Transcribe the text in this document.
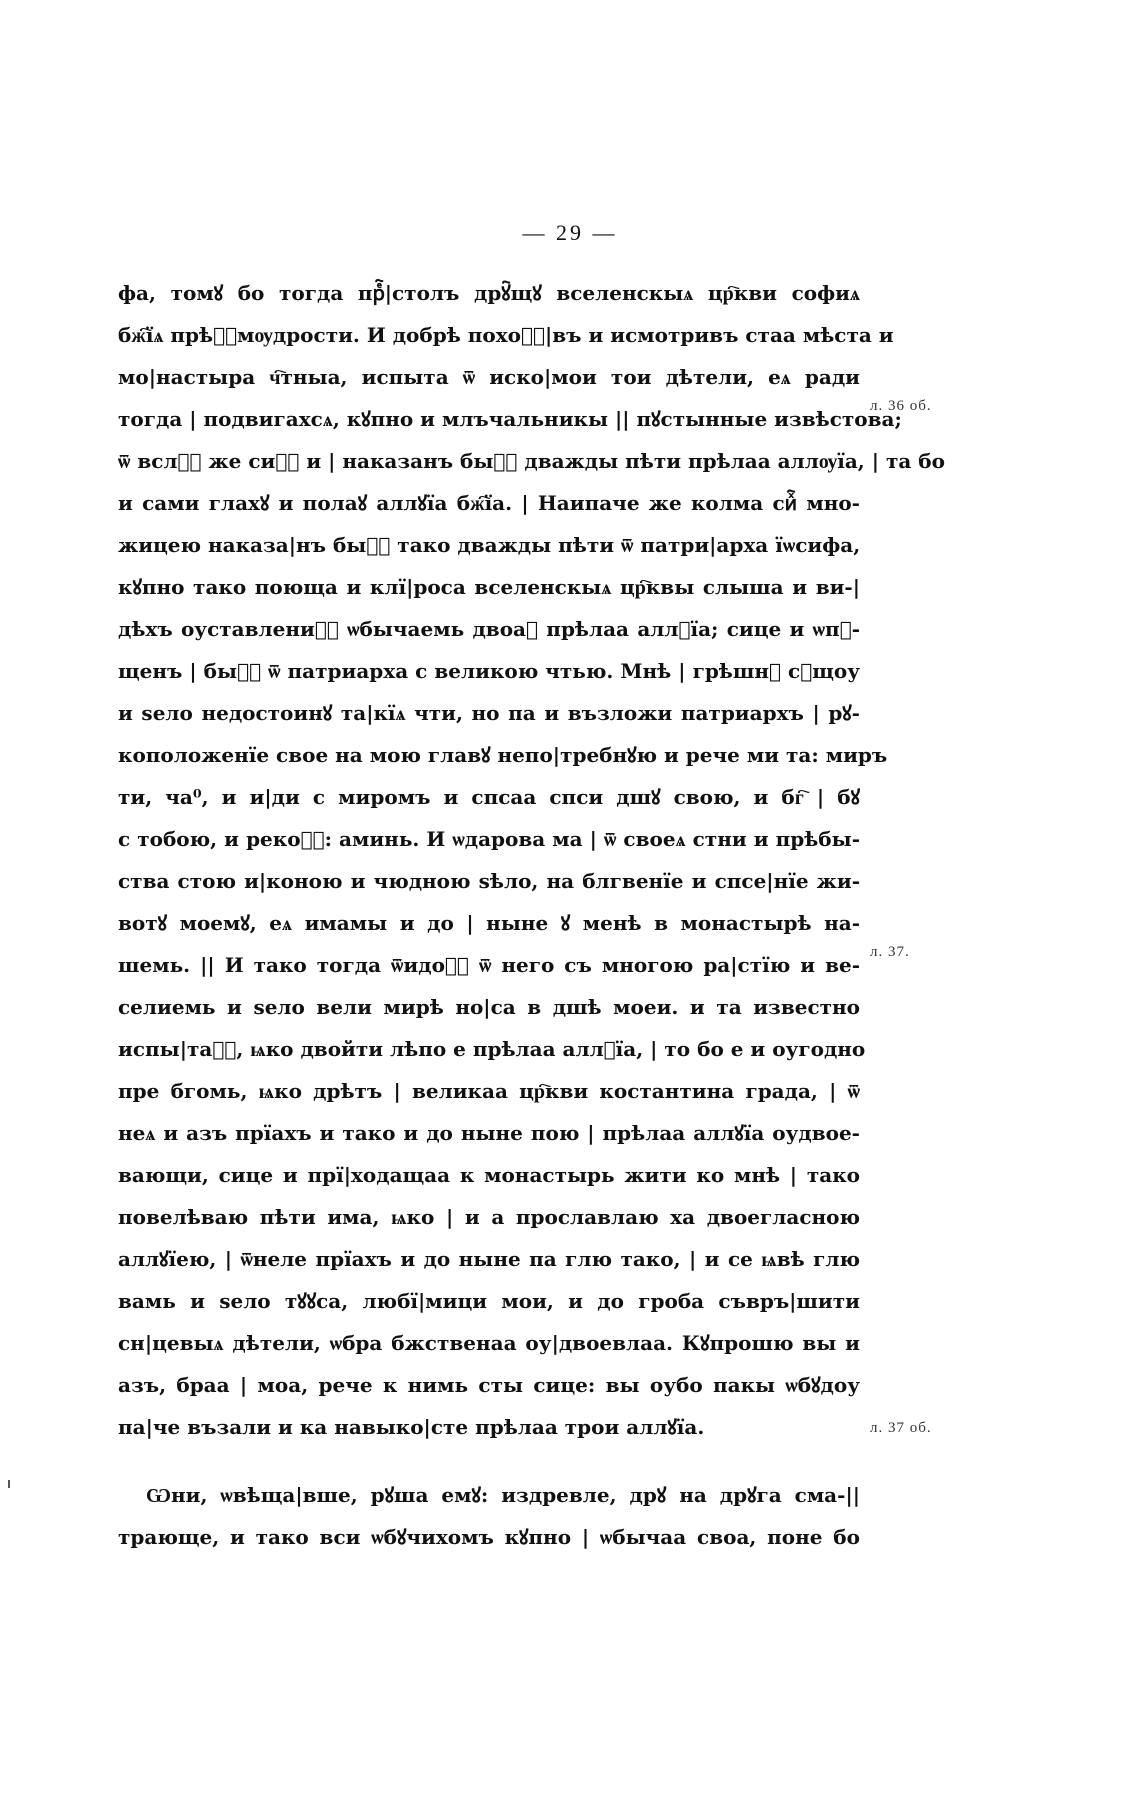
— 29 —
фа, томꙋ бо тогда прⷷ҇|столъ дрꙋ҇щꙋ вселенскыѧ цр҇кви софиѧ
бж҇їѧ прѣⷨ҇мѹдрости. И добрѣ похоⷤ҇|въ и исмотривъ стаа мѣста и
мо|настыра ч҇тныа, испыта ѿ иско|мои тои дѣтели, еѧ ради
тогда | подвигахсѧ, кꙋпно и млъчальникы || пꙋстынные извѣстова;
ѿ вслⷯ҇ же сиⷯ҇ и | наказанъ быⷯ҇ дважды пѣти прѣлаа аллѹїа, | та бо
и сами глахꙋ и полаꙋ аллꙋїа бж҇їа. | Наипаче же колма сиⷯ҇ мно-
жицею наказа|нъ быⷯ҇ тако дважды пѣти ѿ патри|арха їѡсифа,
кꙋпно тако поюща и клї|роса вселенскыѧ цр҇квы слыша и ви-|
дѣхъ оуставлениⷨ҇ ѡбычаемь двоаꙋ прѣлаа аллꙋїа; сице и ѡпꙋ-
щенъ | быⷯ҇ ѿ патриарха с великою чтью. Мнѣ | грѣшнꙋ сꙋщоу
и ѕело недостоинꙋ та|кїѧ чти, но па и възложи патриархъ | рꙋ-
коположенїе свое на мою главꙋ непо|требнꙋю и рече ми та: миръ
ти, ча⁰, и и|ди с миромъ и спсаа спси дшꙋ свою, и бг҇ | бꙋ
с тобою, и рекоⷯ҇: аминь. И ѡдарова ма | ѿ своеѧ стни и прѣбы-
ства стою и|коною и чюдною ѕѣло, на блгвенїе и спсе|нїе жи-
вотꙋ моемꙋ, еѧ имамы и до | ныне ꙋ менѣ в монастырѣ на-
шемь. || И тако тогда ѿидоⷯ҇ ѿ него съ многою ра|стїю и ве-
селиемь и ѕело вели мирѣ но|са в дшѣ моеи. и та известно
испы|таⷯ҇, ѩко двойти лѣпо е прѣлаа аллꙋїа, | то бо е и оугодно
пре бгомь, ѩко дрѣтъ | великаа цр҇кви костантина града, | ѿ
неѧ и азъ прїахъ и тако и до ныне пою | прѣлаа аллꙋїа оудвое-
вающи, сице и прї|ходащаа к монастырь жити ко мнѣ | тако
повелѣваю пѣти има, ѩко | и а прославлаю ха двоегласною
аллꙋїею, | ѿнеле прїахъ и до ныне па глю тако, | и се ѩвѣ глю
вамь и ѕело тꙋꙋса, любї|мици мои, и до гроба съвръ|шити
сн|цевыѧ дѣтели, ѡбра бжственаа оу|двоевлаа. Кꙋпрошю вы и
азъ, браа | моа, рече к нимь сты сице: вы оубо пакы ѡбꙋдоу
па|че възали и ка навыко|сте прѣлаа трои аллꙋїа.
Ѡни, ѡвѣща|вше, рꙋша емꙋ: издревле, дрꙋ на дрꙋга сма-||
трающе, и тако вси ѡбꙋчихомъ кꙋпно | ѡбычаа своа, поне бо
л. 36 об.
л. 37.
л. 37 об.
